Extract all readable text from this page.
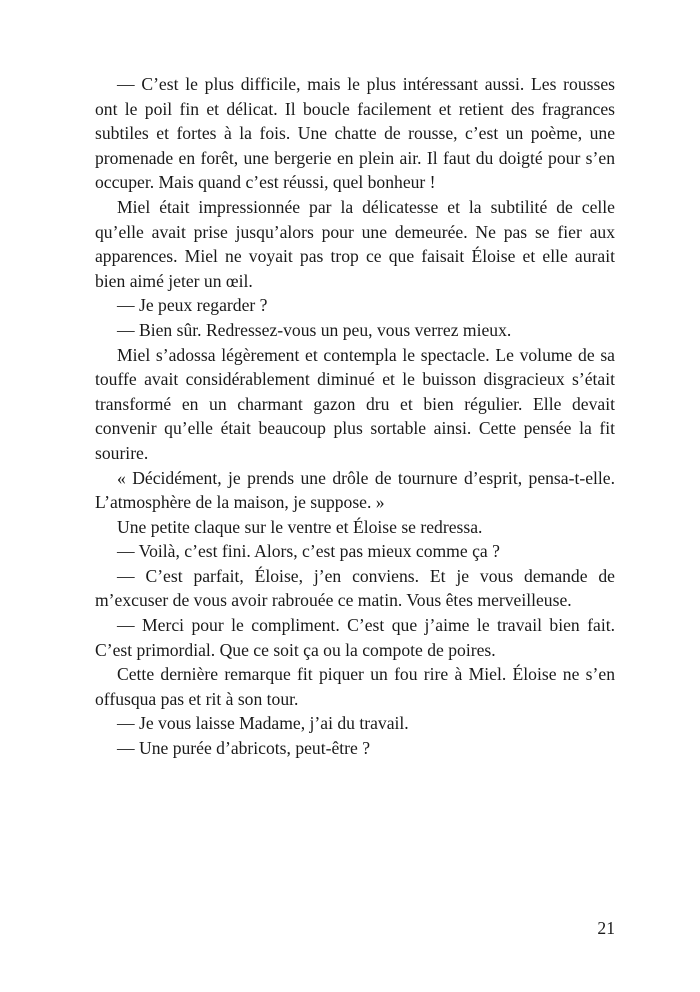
— C’est le plus difficile, mais le plus intéressant aussi. Les rousses ont le poil fin et délicat. Il boucle facilement et retient des fragrances subtiles et fortes à la fois. Une chatte de rousse, c’est un poème, une promenade en forêt, une bergerie en plein air. Il faut du doigté pour s’en occuper. Mais quand c’est réussi, quel bonheur !

Miel était impressionnée par la délicatesse et la subtilité de celle qu’elle avait prise jusqu’alors pour une demeurée. Ne pas se fier aux apparences. Miel ne voyait pas trop ce que faisait Éloise et elle aurait bien aimé jeter un œil.

— Je peux regarder ?

— Bien sûr. Redressez-vous un peu, vous verrez mieux.

Miel s’adossa légèrement et contempla le spectacle. Le volume de sa touffe avait considérablement diminué et le buisson disgracieux s’était transformé en un charmant gazon dru et bien régulier. Elle devait convenir qu’elle était beaucoup plus sortable ainsi. Cette pensée la fit sourire.

« Décidément, je prends une drôle de tournure d’esprit, pensa-t-elle. L’atmosphère de la maison, je suppose. »

Une petite claque sur le ventre et Éloise se redressa.

— Voilà, c’est fini. Alors, c’est pas mieux comme ça ?

— C’est parfait, Éloise, j’en conviens. Et je vous demande de m’excuser de vous avoir rabrouée ce matin. Vous êtes merveilleuse.

— Merci pour le compliment. C’est que j’aime le travail bien fait. C’est primordial. Que ce soit ça ou la compote de poires.

Cette dernière remarque fit piquer un fou rire à Miel. Éloise ne s’en offusqua pas et rit à son tour.

— Je vous laisse Madame, j’ai du travail.

— Une purée d’abricots, peut-être ?

21
